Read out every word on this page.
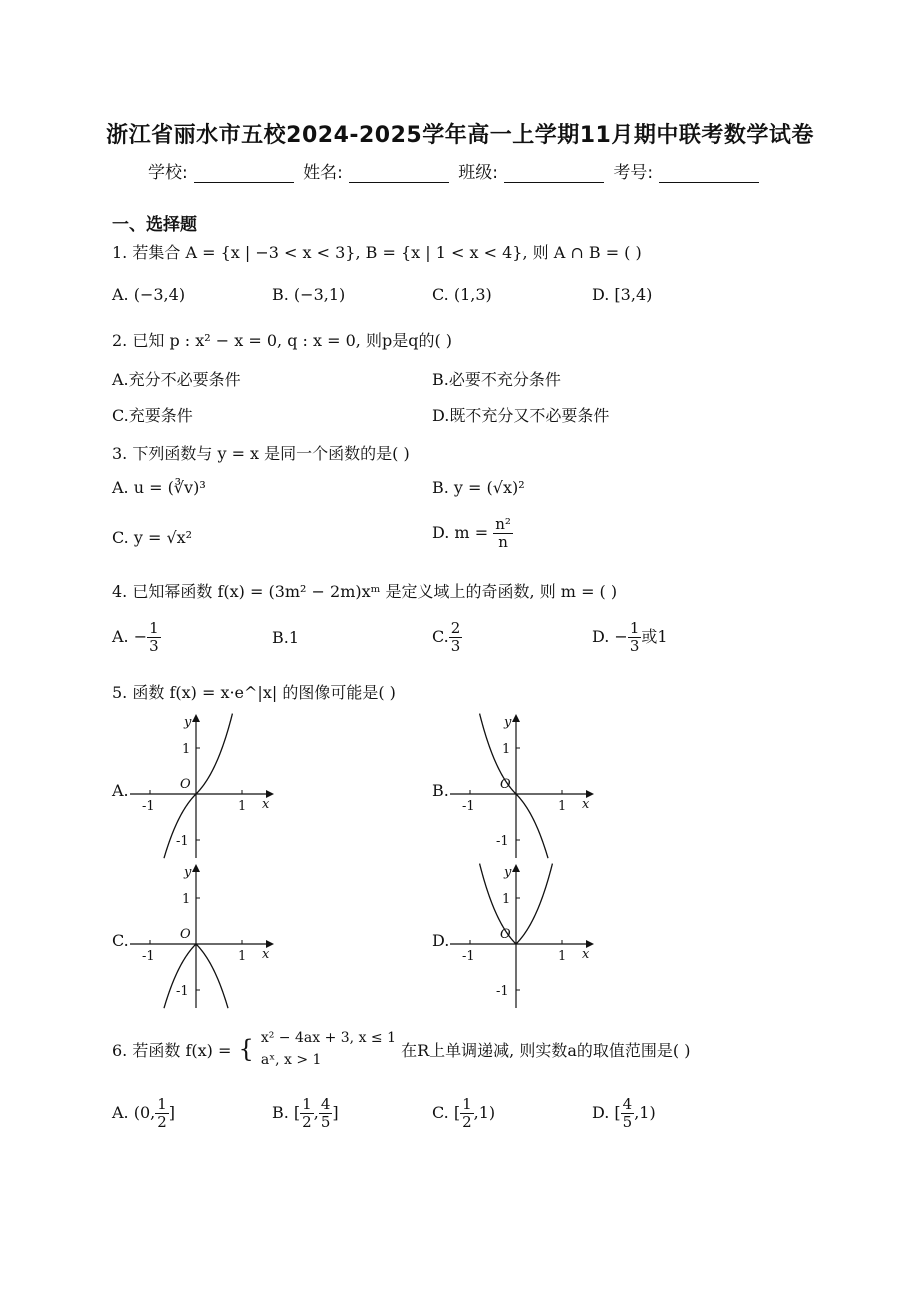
浙江省丽水市五校2024-2025学年高一上学期11月期中联考数学试卷
学校:	姓名:	班级:	考号:
一、选择题
1. 若集合 A = {x | −3 < x < 3}, B = {x | 1 < x < 4}, 则 A ∩ B = ( )
A. (−3,4)	B. (−3,1)	C. (1,3)	D. [3,4)
2. 已知 p : x² − x = 0, q : x = 0, 则p是q的( )
A.充分不必要条件	B.必要不充分条件
C.充要条件	D.既不充分又不必要条件
3. 下列函数与 y = x 是同一个函数的是( )
A. u = (∛v)³	B. y = (√x)²
C. y = √x²	D. $m = \frac{\text{n²}}{n}$
4. 已知幂函数 f(x) = (3m² − 2m)xᵐ 是定义域上的奇函数, 则 m = ( )
A. − $\frac{1}{3}$	B.1	C. $\frac{2}{3}$	D. − $\frac{1}{3}$ 或1
5. 函数 f(x) = x·e^|x| 的图像可能是( )
A.	B.
C.	D.
y
x
O
1
-1
1
-1
y
x
O
1
-1
1
-1
y
x
O
1
-1
1
-1
y
x
O
1
-1
1
-1
6. 若函数 f(x) = { x² − 4ax + 3, x ≤ 1
aˣ, x > 1
在R上单调递减, 则实数a的取值范围是( )
A. (0, $\frac{1}{2}$ ]	B. [ $\frac{1}{2}$ , $\frac{4}{5}$ ]	C. [ $\frac{1}{2} ,1$)	D. [ $\frac{4}{5} ,1$)
